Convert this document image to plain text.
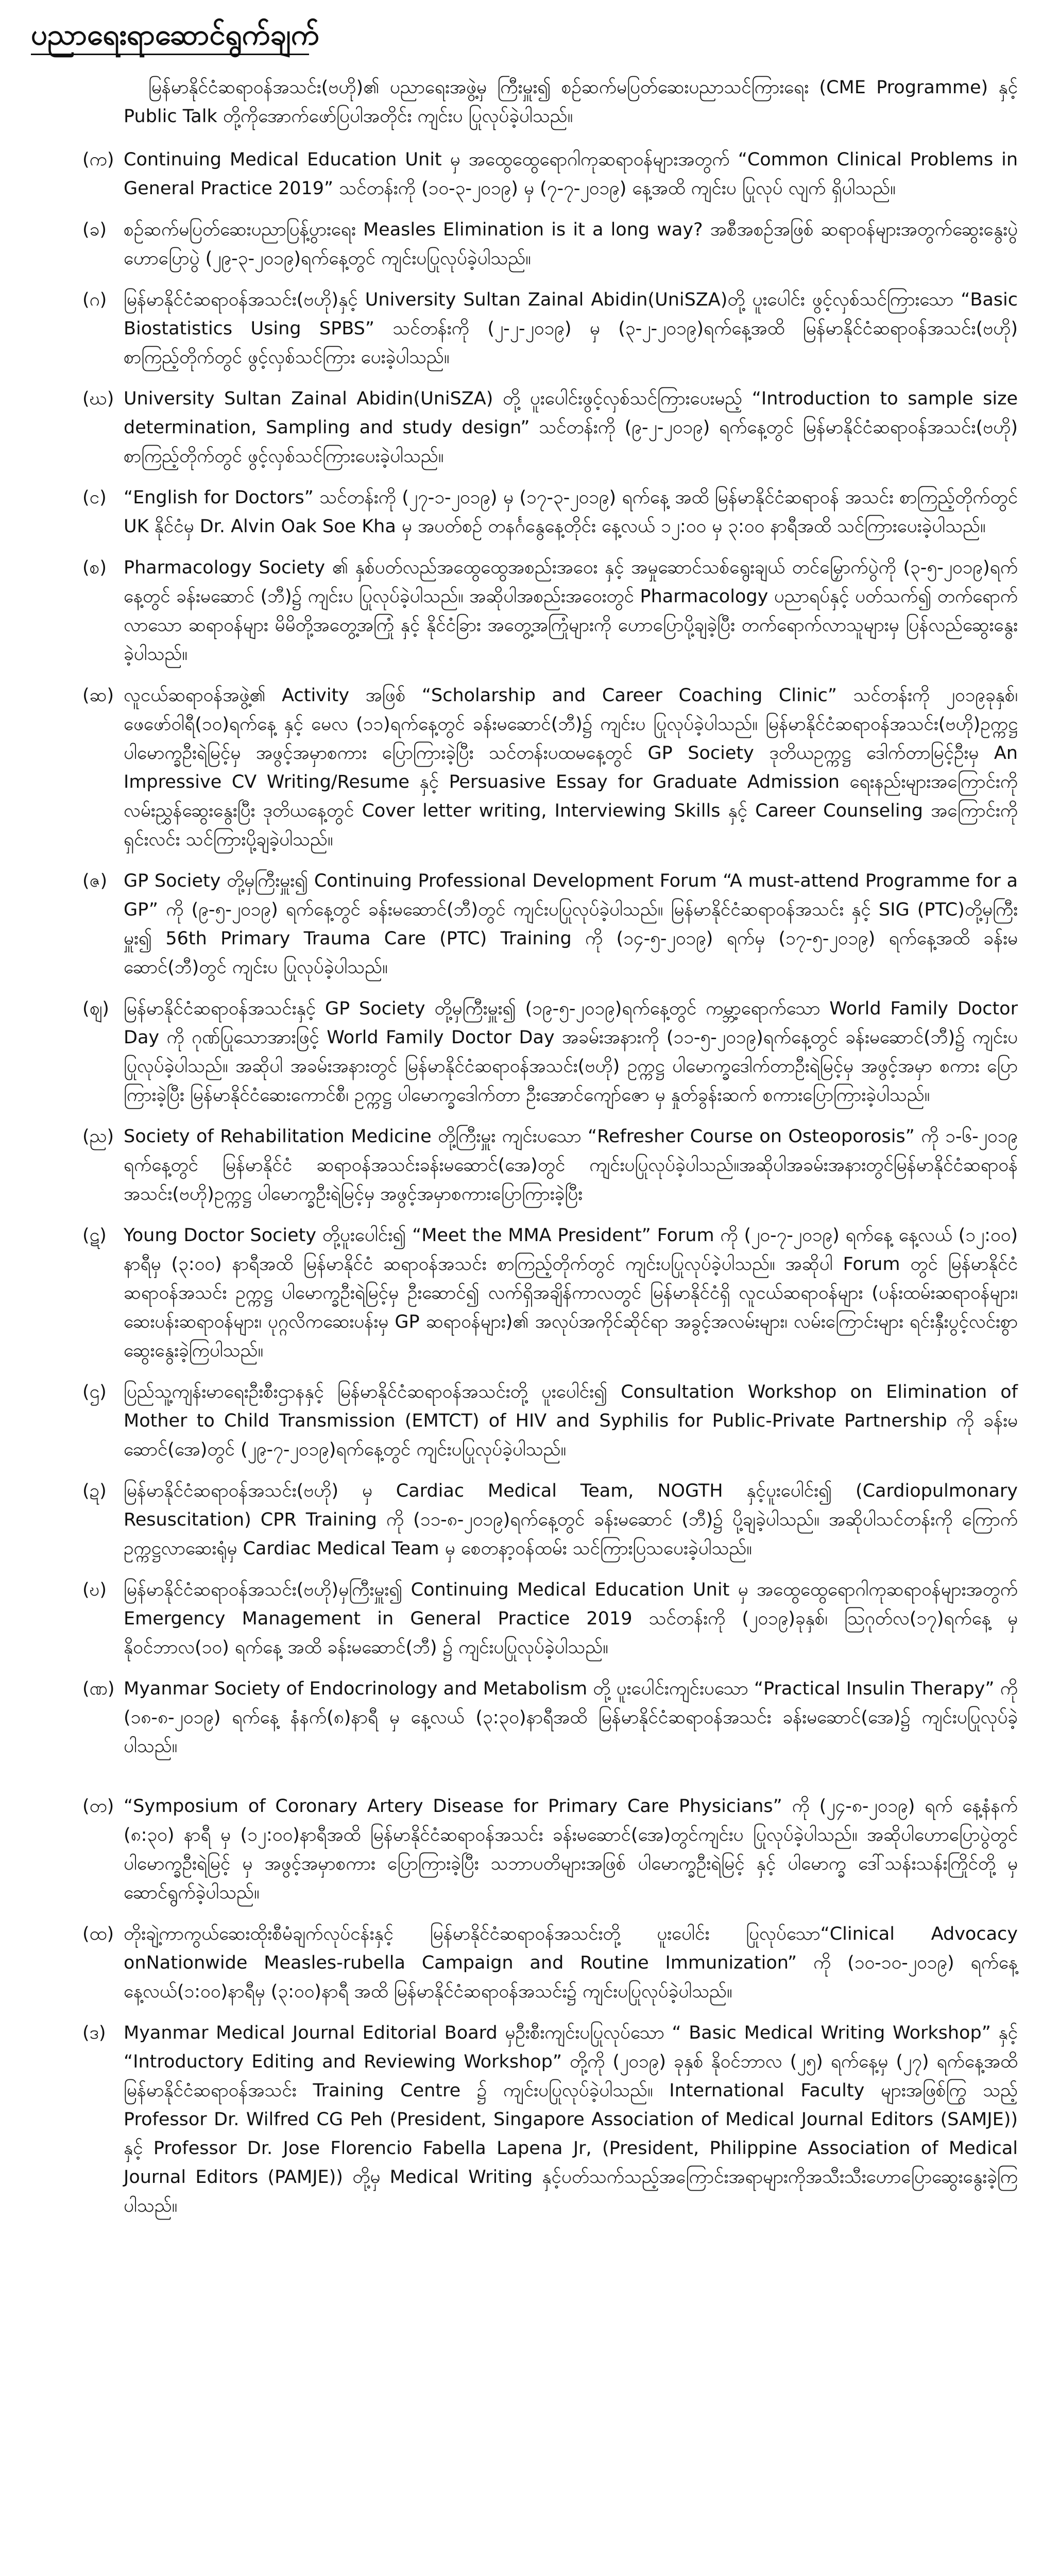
ပညာရေးရာဆောင်ရွက်ချက်

မြန်မာနိုင်ငံဆရာဝန်အသင်း(ဗဟို)၏ ပညာရေးအဖွဲ့မှ ကြီးမှူး၍ စဉ်ဆက်မပြတ်ဆေးပညာသင်ကြားရေး (CME Programme) နှင့် Public Talk တို့ကိုအောက်ဖော်ပြပါအတိုင်း ကျင်းပ ပြုလုပ်ခဲ့ပါသည်။

(က) Continuing Medical Education Unit မှ အထွေထွေရောဂါကုဆရာဝန်များအတွက် “Common Clinical Problems in General Practice 2019” သင်တန်းကို (၁၀-၃-၂၀၁၉) မှ (၇-၇-၂၀၁၉) နေ့အထိ ကျင်းပ ပြုလုပ် လျက် ရှိပါသည်။
(ခ) စဉ်ဆက်မပြတ်ဆေးပညာပြန့်ပွားရေး Measles Elimination is it a long way? အစီအစဉ်အဖြစ် ဆရာဝန်များအတွက်ဆွေးနွေးပွဲ ဟောပြောပွဲ (၂၉-၃-၂၀၁၉)ရက်နေ့တွင် ကျင်းပပြုလုပ်ခဲ့ပါသည်။
(ဂ) မြန်မာနိုင်ငံဆရာဝန်အသင်း(ဗဟို)နှင့် University Sultan Zainal Abidin(UniSZA)တို့ ပူးပေါင်း ဖွင့်လှစ်သင်ကြားသော “Basic Biostatistics Using SPBS” သင်တန်းကို (၂-၂-၂၀၁၉) မှ (၃-၂-၂၀၁၉)ရက်နေ့အထိ မြန်မာနိုင်ငံဆရာဝန်အသင်း(ဗဟို) စာကြည့်တိုက်တွင် ဖွင့်လှစ်သင်ကြား ပေးခဲ့ပါသည်။
(ဃ) University Sultan Zainal Abidin(UniSZA) တို့ ပူးပေါင်းဖွင့်လှစ်သင်ကြားပေးမည့် “Introduction to sample size determination, Sampling and study design” သင်တန်းကို (၉-၂-၂၀၁၉) ရက်နေ့တွင် မြန်မာနိုင်ငံဆရာဝန်အသင်း(ဗဟို) စာကြည့်တိုက်တွင် ဖွင့်လှစ်သင်ကြားပေးခဲ့ပါသည်။
(င) “English for Doctors” သင်တန်းကို (၂၇-၁-၂၀၁၉) မှ (၁၇-၃-၂၀၁၉) ရက်နေ့ အထိ မြန်မာနိုင်ငံဆရာဝန် အသင်း စာကြည့်တိုက်တွင် UK နိုင်ငံမှ Dr. Alvin Oak Soe Kha မှ အပတ်စဉ် တနင်္ဂနွေနေ့တိုင်း နေ့လယ် ၁၂:၀၀ မှ ၃:၀၀ နာရီအထိ သင်ကြားပေးခဲ့ပါသည်။
(စ) Pharmacology Society ၏ နှစ်ပတ်လည်အထွေထွေအစည်းအဝေး နှင့် အမှုဆောင်သစ်ရွေးချယ် တင်မြှောက်ပွဲကို (၃-၅-၂၀၁၉)ရက်နေ့တွင် ခန်းမဆောင် (ဘီ)၌ ကျင်းပ ပြုလုပ်ခဲ့ပါသည်။ အဆိုပါအစည်းအဝေးတွင် Pharmacology ပညာရပ်နှင့် ပတ်သက်၍ တက်ရောက် လာသော ဆရာဝန်များ မိမိတို့အတွေ့အကြုံ နှင့် နိုင်ငံခြား အတွေ့အကြုံများကို ဟောပြောပို့ချခဲ့ပြီး တက်ရောက်လာသူများမှ ပြန်လည်ဆွေးနွေးခဲ့ပါသည်။
(ဆ) လူငယ်ဆရာဝန်အဖွဲ့၏ Activity အဖြစ် “Scholarship and Career Coaching Clinic” သင်တန်းကို ၂၀၁၉ခုနှစ်၊ ဖေဖော်ဝါရီ(၁၀)ရက်နေ့ နှင့် မေလ (၁၁)ရက်နေ့တွင် ခန်းမဆောင်(ဘီ)၌ ကျင်းပ ပြုလုပ်ခဲ့ပါသည်။ မြန်မာနိုင်ငံဆရာဝန်အသင်း(ဗဟို)ဥက္ကဋ္ဌ ပါမောက္ခဦးရဲမြင့်မှ အဖွင့်အမှာစကား ပြောကြားခဲ့ပြီး သင်တန်းပထမနေ့တွင် GP Society ဒုတိယဥက္ကဋ္ဌ ဒေါက်တာမြင့်ဦးမှ An Impressive CV Writing/Resume နှင့် Persuasive Essay for Graduate Admission ရေးနည်းများအကြောင်းကို လမ်းညွှန်ဆွေးနွေးပြီး ဒုတိယနေ့တွင် Cover letter writing, Interviewing Skills နှင့် Career Counseling အကြောင်းကို ရှင်းလင်း သင်ကြားပို့ချခဲ့ပါသည်။
(ဇ) GP Society တို့မှကြီးမှူး၍ Continuing Professional Development Forum “A must-attend Programme for a GP” ကို (၉-၅-၂၀၁၉) ရက်နေ့တွင် ခန်းမဆောင်(ဘီ)တွင် ကျင်းပပြုလုပ်ခဲ့ပါသည်။ မြန်မာနိုင်ငံဆရာဝန်အသင်း နှင့် SIG (PTC)တို့မှကြီးမှူး၍ 56th Primary Trauma Care (PTC) Training ကို (၁၄-၅-၂၀၁၉) ရက်မှ (၁၇-၅-၂၀၁၉) ရက်နေ့အထိ ခန်းမဆောင်(ဘီ)တွင် ကျင်းပ ပြုလုပ်ခဲ့ပါသည်။
(ဈ) မြန်မာနိုင်ငံဆရာဝန်အသင်းနှင့် GP Society တို့မှကြီးမှူး၍ (၁၉-၅-၂၀၁၉)ရက်နေ့တွင် ကမ္ဘာ့ရောက်သော World Family Doctor Day ကို ဂုဏ်ပြုသောအားဖြင့် World Family Doctor Day အခမ်းအနားကို (၁၁-၅-၂၀၁၉)ရက်နေ့တွင် ခန်းမဆောင်(ဘီ)၌ ကျင်းပပြုလုပ်ခဲ့ပါသည်။ အဆိုပါ အခမ်းအနားတွင် မြန်မာနိုင်ငံဆရာဝန်အသင်း(ဗဟို) ဥက္ကဋ္ဌ ပါမောက္ခဒေါက်တာဦးရဲမြင့်မှ အဖွင့်အမှာ စကား ပြောကြားခဲ့ပြီး မြန်မာနိုင်ငံဆေးကောင်စီ၊ ဥက္ကဋ္ဌ ပါမောက္ခဒေါက်တာ ဦးအောင်ကျော်ဇော မှ နှုတ်ခွန်းဆက် စကားပြောကြားခဲ့ပါသည်။
(ည) Society of Rehabilitation Medicine တို့ကြီးမှူး ကျင်းပသော “Refresher Course on Osteoporosis” ကို ၁-၆-၂၀၁၉ ရက်နေ့တွင် မြန်မာနိုင်ငံ ဆရာဝန်အသင်းခန်းမဆောင်(အေ)တွင် ကျင်းပပြုလုပ်ခဲ့ပါသည်။အဆိုပါအခမ်းအနားတွင်မြန်မာနိုင်ငံဆရာဝန်အသင်း(ဗဟို)ဥက္ကဋ္ဌ ပါမောက္ခဦးရဲမြင့်မှ အဖွင့်အမှာစကားပြောကြားခဲ့ပြီး
(ဋ) Young Doctor Society တို့ပူးပေါင်း၍ “Meet the MMA President” Forum ကို (၂၀-၇-၂၀၁၉) ရက်နေ့ နေ့လယ် (၁၂:၀၀) နာရီမှ (၃:၀၀) နာရီအထိ မြန်မာနိုင်ငံ ဆရာဝန်အသင်း စာကြည့်တိုက်တွင် ကျင်းပပြုလုပ်ခဲ့ပါသည်။ အဆိုပါ Forum တွင် မြန်မာနိုင်ငံဆရာဝန်အသင်း ဥက္ကဋ္ဌ ပါမောက္ခဦးရဲမြင့်မှ ဦးဆောင်၍ လက်ရှိအချိန်ကာလတွင် မြန်မာနိုင်ငံရှိ လူငယ်ဆရာဝန်များ (ပန်းထမ်းဆရာဝန်များ၊ ဆေးပန်းဆရာဝန်များ၊ ပုဂ္ဂလိကဆေးပန်းမှ GP ဆရာဝန်များ)၏ အလုပ်အကိုင်ဆိုင်ရာ အခွင့်အလမ်းများ၊ လမ်းကြောင်းများ ရင်းနှီးပွင့်လင်းစွာ ဆွေးနွေးခဲ့ကြပါသည်။
(ဌ) ပြည်သူ့ကျန်းမာရေးဦးစီးဌာနနှင့် မြန်မာနိုင်ငံဆရာဝန်အသင်းတို့ ပူးပေါင်း၍ Consultation Workshop on Elimination of Mother to Child Transmission (EMTCT) of HIV and Syphilis for Public-Private Partnership ကို ခန်းမဆောင်(အေ)တွင် (၂၉-၇-၂၀၁၉)ရက်နေ့တွင် ကျင်းပပြုလုပ်ခဲ့ပါသည်။
(ဍ) မြန်မာနိုင်ငံဆရာဝန်အသင်း(ဗဟို) မှ Cardiac Medical Team, NOGTH နှင့်ပူးပေါင်း၍ (Cardiopulmonary Resuscitation) CPR Training ကို (၁၁-၈-၂၀၁၉)ရက်နေ့တွင် ခန်းမဆောင် (ဘီ)၌ ပို့ချခဲ့ပါသည်။ အဆိုပါသင်တန်းကို ကြောက်ဥက္ကဋ္ဌလာဆေးရုံမှ Cardiac Medical Team မှ စေတနာ့ဝန်ထမ်း သင်ကြားပြသပေးခဲ့ပါသည်။
(ဎ) မြန်မာနိုင်ငံဆရာဝန်အသင်း(ဗဟို)မှကြီးမှူး၍ Continuing Medical Education Unit မှ အထွေထွေရောဂါကုဆရာဝန်များအတွက် Emergency Management in General Practice 2019 သင်တန်းကို (၂၀၁၉)ခုနှစ်၊ ဩဂုတ်လ(၁၇)ရက်နေ့ မှ နိုဝင်ဘာလ(၁၀) ရက်နေ့ အထိ ခန်းမဆောင်(ဘီ) ၌ ကျင်းပပြုလုပ်ခဲ့ပါသည်။
(ဏ) Myanmar Society of Endocrinology and Metabolism တို့ ပူးပေါင်းကျင်းပသော “Practical Insulin Therapy” ကို (၁၈-၈-၂၀၁၉) ရက်နေ့ နံနက်(၈)နာရီ မှ နေ့လယ် (၃:၃၀)နာရီအထိ မြန်မာနိုင်ငံဆရာဝန်အသင်း ခန်းမဆောင်(အေ)၌ ကျင်းပပြုလုပ်ခဲ့ပါသည်။
(တ) “Symposium of Coronary Artery Disease for Primary Care Physicians” ကို (၂၄-၈-၂၀၁၉) ရက် နေ့နံနက် (၈:၃၀) နာရီ မှ (၁၂:၀၀)နာရီအထိ မြန်မာနိုင်ငံဆရာဝန်အသင်း ခန်းမဆောင်(အေ)တွင်ကျင်းပ ပြုလုပ်ခဲ့ပါသည်။ အဆိုပါဟောပြောပွဲတွင် ပါမောက္ခဦးရဲမြင့် မှ အဖွင့်အမှာစကား ပြောကြားခဲ့ပြီး သဘာပတိများအဖြစ် ပါမောက္ခဦးရဲမြင့် နှင့် ပါမောက္ခ ဒေါ်သန်းသန်းကြိုင်တို့ မှ ဆောင်ရွက်ခဲ့ပါသည်။
(ထ) တိုးချဲ့ကာကွယ်ဆေးထိုးစီမံချက်လုပ်ငန်းနှင့် မြန်မာနိုင်ငံဆရာဝန်အသင်းတို့ ပူးပေါင်း ပြုလုပ်သော“Clinical Advocacy onNationwide Measles-rubella Campaign and Routine Immunization” ကို (၁၀-၁၀-၂၀၁၉) ရက်နေ့ နေ့လယ်(၁:၀၀)နာရီမှ (၃:၀၀)နာရီ အထိ မြန်မာနိုင်ငံဆရာဝန်အသင်း၌ ကျင်းပပြုလုပ်ခဲ့ပါသည်။
(ဒ) Myanmar Medical Journal Editorial Board မှဦးစီးကျင်းပပြုလုပ်သော “ Basic Medical Writing Workshop” နှင့် “Introductory Editing and Reviewing Workshop” တို့ကို (၂၀၁၉) ခုနှစ် နိုဝင်ဘာလ (၂၅) ရက်နေ့မှ (၂၇) ရက်နေ့အထိ မြန်မာနိုင်ငံဆရာဝန်အသင်း Training Centre ၌ ကျင်းပပြုလုပ်ခဲ့ပါသည်။ International Faculty များအဖြစ်ကြွ သည့် Professor Dr. Wilfred CG Peh (President, Singapore Association of Medical Journal Editors (SAMJE)) နှင့် Professor Dr. Jose Florencio Fabella Lapena Jr, (President, Philippine Association of Medical Journal Editors (PAMJE)) တို့မှ Medical Writing နှင့်ပတ်သက်သည့်အကြောင်းအရာများကိုအသီးသီးဟောပြောဆွေးနွေးခဲ့ကြပါသည်။
